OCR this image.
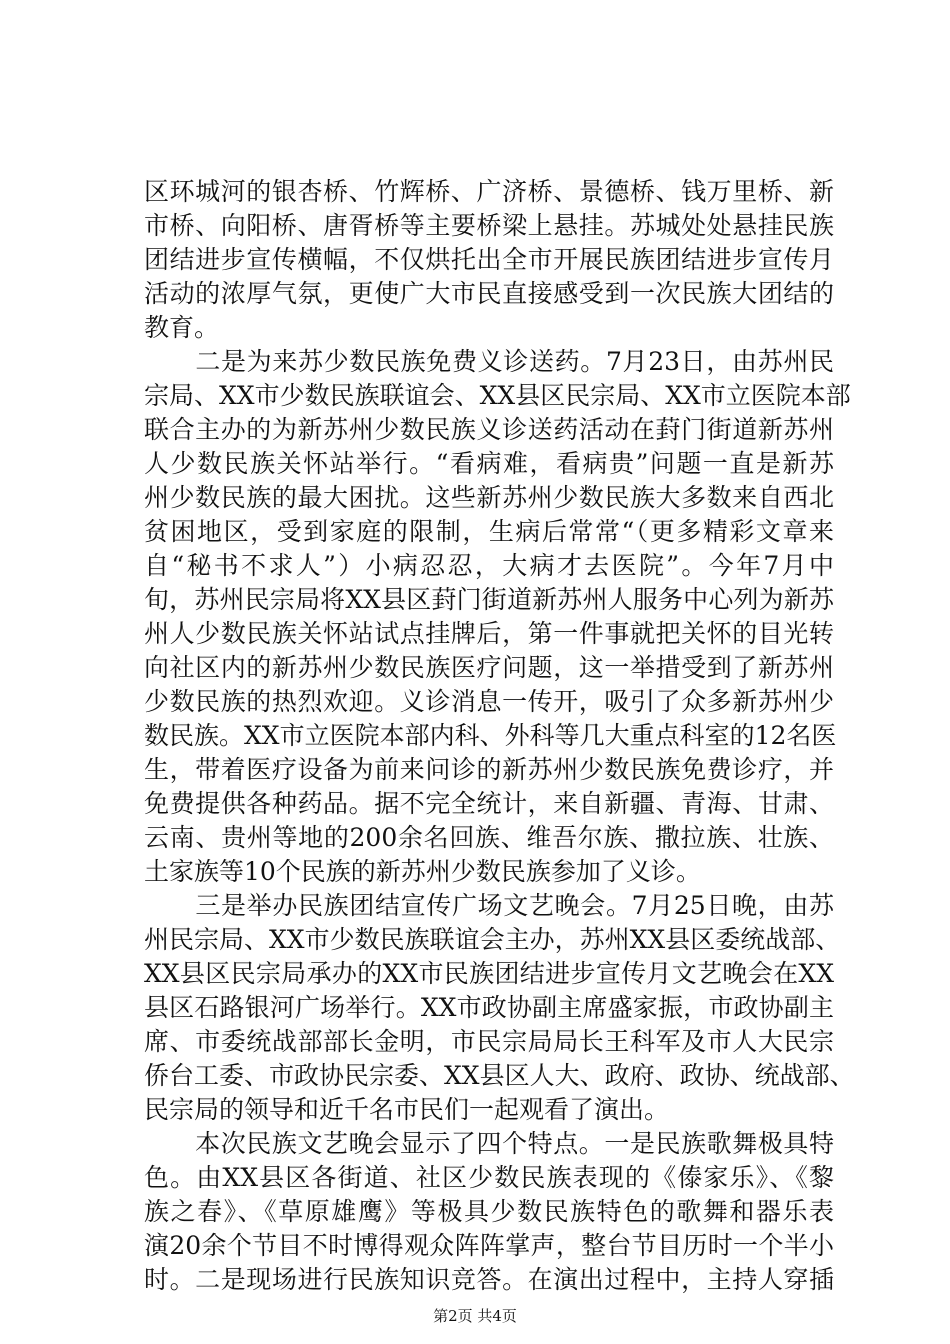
区环城河的银杏桥、竹辉桥、广济桥、景德桥、钱万里桥、新
市桥、向阳桥、唐胥桥等主要桥梁上悬挂。苏城处处悬挂民族
团结进步宣传横幅，不仅烘托出全市开展民族团结进步宣传月
活动的浓厚气氛，更使广大市民直接感受到一次民族大团结的
教育。
　　二是为来苏少数民族免费义诊送药。7月23日，由苏州民
宗局、XX市少数民族联谊会、XX县区民宗局、XX市立医院本部
联合主办的为新苏州少数民族义诊送药活动在葑门街道新苏州
人少数民族关怀站举行。“看病难，看病贵”问题一直是新苏
州少数民族的最大困扰。这些新苏州少数民族大多数来自西北
贫困地区，受到家庭的限制，生病后常常“（更多精彩文章来
自“秘书不求人”）小病忍忍，大病才去医院”。今年7月中
旬，苏州民宗局将XX县区葑门街道新苏州人服务中心列为新苏
州人少数民族关怀站试点挂牌后，第一件事就把关怀的目光转
向社区内的新苏州少数民族医疗问题，这一举措受到了新苏州
少数民族的热烈欢迎。义诊消息一传开，吸引了众多新苏州少
数民族。XX市立医院本部内科、外科等几大重点科室的12名医
生，带着医疗设备为前来问诊的新苏州少数民族免费诊疗，并
免费提供各种药品。据不完全统计，来自新疆、青海、甘肃、
云南、贵州等地的200余名回族、维吾尔族、撒拉族、壮族、
土家族等10个民族的新苏州少数民族参加了义诊。
　　三是举办民族团结宣传广场文艺晚会。7月25日晚，由苏
州民宗局、XX市少数民族联谊会主办，苏州XX县区委统战部、
XX县区民宗局承办的XX市民族团结进步宣传月文艺晚会在XX
县区石路银河广场举行。XX市政协副主席盛家振，市政协副主
席、市委统战部部长金明，市民宗局局长王科军及市人大民宗
侨台工委、市政协民宗委、XX县区人大、政府、政协、统战部、
民宗局的领导和近千名市民们一起观看了演出。
　　本次民族文艺晚会显示了四个特点。一是民族歌舞极具特
色。由XX县区各街道、社区少数民族表现的《傣家乐》、《黎
族之春》、《草原雄鹰》等极具少数民族特色的歌舞和器乐表
演20余个节目不时博得观众阵阵掌声，整台节目历时一个半小
时。二是现场进行民族知识竞答。在演出过程中，主持人穿插
第2页 共4页
